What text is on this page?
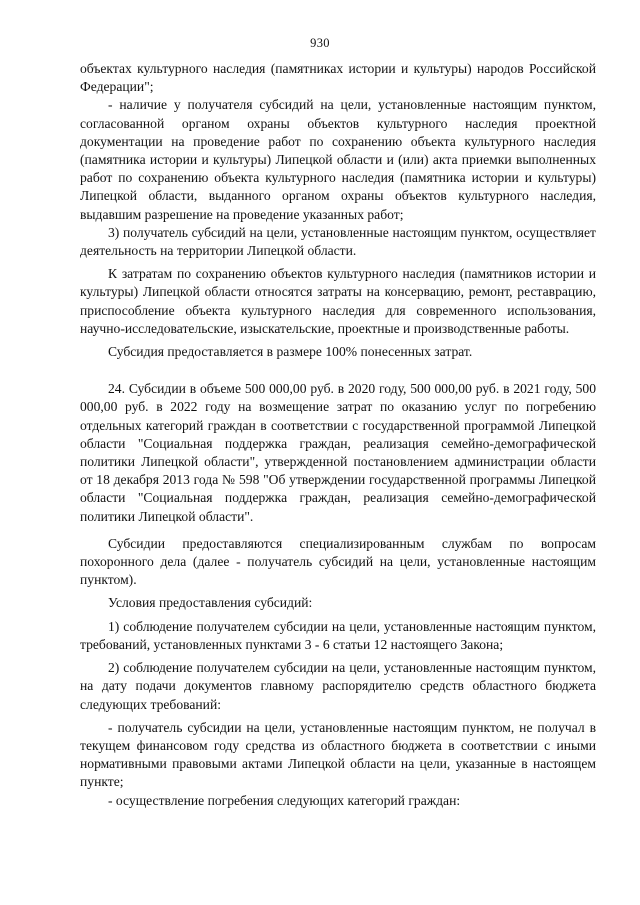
930

объектах культурного наследия (памятниках истории и культуры) народов Российской Федерации";

- наличие у получателя субсидий на цели, установленные настоящим пунктом, согласованной органом охраны объектов культурного наследия проектной документации на проведение работ по сохранению объекта культурного наследия (памятника истории и культуры) Липецкой области и (или) акта приемки выполненных работ по сохранению объекта культурного наследия (памятника истории и культуры) Липецкой области, выданного органом охраны объектов культурного наследия, выдавшим разрешение на проведение указанных работ;

3) получатель субсидий на цели, установленные настоящим пунктом, осуществляет деятельность на территории Липецкой области.

К затратам по сохранению объектов культурного наследия (памятников истории и культуры) Липецкой области относятся затраты на консервацию, ремонт, реставрацию, приспособление объекта культурного наследия для современного использования, научно-исследовательские, изыскательские, проектные и производственные работы.

Субсидия предоставляется в размере 100% понесенных затрат.

24. Субсидии в объеме 500 000,00 руб. в 2020 году, 500 000,00 руб. в 2021 году, 500 000,00 руб. в 2022 году на возмещение затрат по оказанию услуг по погребению отдельных категорий граждан в соответствии с государственной программой Липецкой области "Социальная поддержка граждан, реализация семейно-демографической политики Липецкой области", утвержденной постановлением администрации области от 18 декабря 2013 года № 598 "Об утверждении государственной программы Липецкой области "Социальная поддержка граждан, реализация семейно-демографической политики Липецкой области".

Субсидии предоставляются специализированным службам по вопросам похоронного дела (далее - получатель субсидий на цели, установленные настоящим пунктом).

Условия предоставления субсидий:

1) соблюдение получателем субсидии на цели, установленные настоящим пунктом, требований, установленных пунктами 3 - 6 статьи 12 настоящего Закона;

2) соблюдение получателем субсидии на цели, установленные настоящим пунктом, на дату подачи документов главному распорядителю средств областного бюджета следующих требований:

- получатель субсидии на цели, установленные настоящим пунктом, не получал в текущем финансовом году средства из областного бюджета в соответствии с иными нормативными правовыми актами Липецкой области на цели, указанные в настоящем пункте;

- осуществление погребения следующих категорий граждан:
